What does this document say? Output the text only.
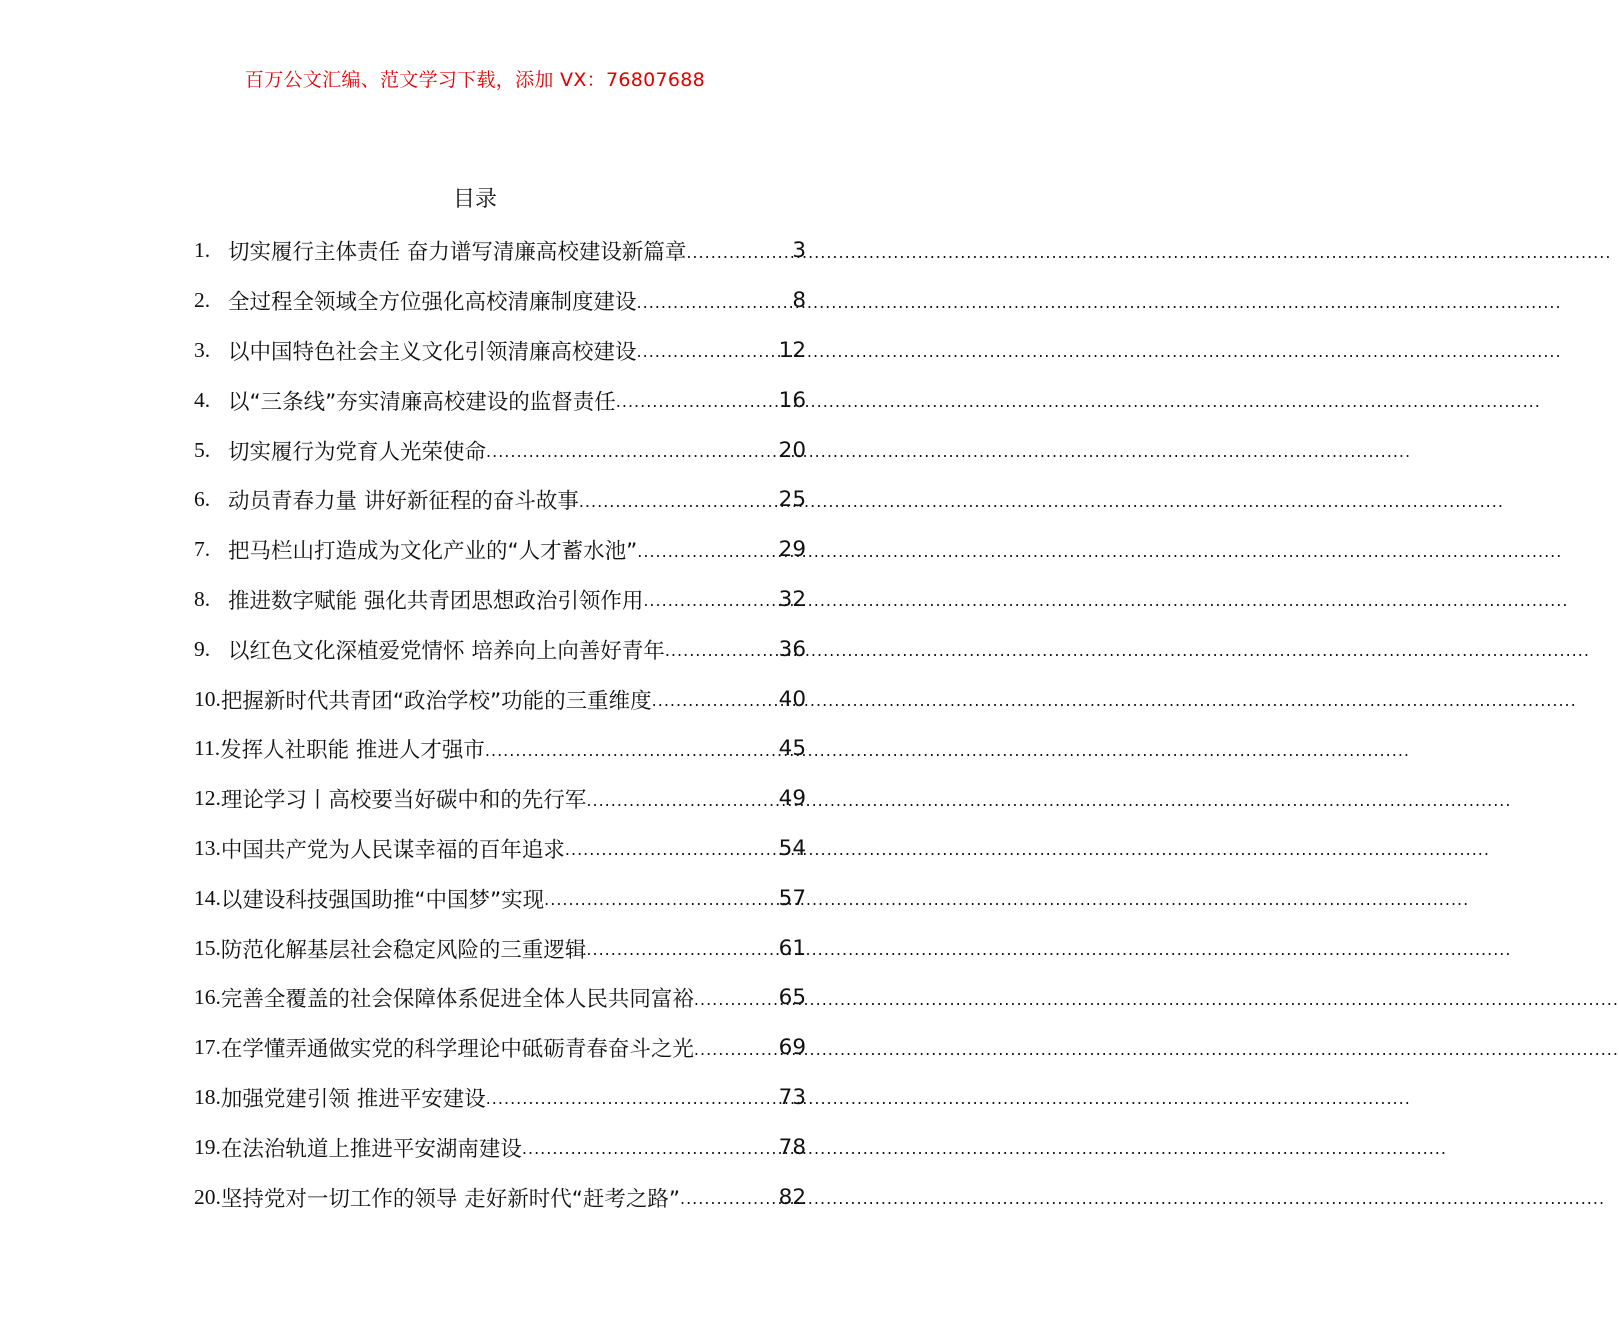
百万公文汇编、范文学习下载，添加 VX：76807688
目录
1. 切实履行主体责任 奋力谱写清廉高校建设新篇章 .....	3
2. 全过程全领域全方位强化高校清廉制度建设 .....	8
3. 以中国特色社会主义文化引领清廉高校建设 .....	12
4. 以“三条线”夯实清廉高校建设的监督责任 .....	16
5. 切实履行为党育人光荣使命 .....	20
6. 动员青春力量 讲好新征程的奋斗故事 .....	25
7. 把马栏山打造成为文化产业的“人才蓄水池” .....	29
8. 推进数字赋能 强化共青团思想政治引领作用 .....	32
9. 以红色文化深植爱党情怀 培养向上向善好青年 .....	36
10. 把握新时代共青团“政治学校”功能的三重维度 .....	40
11. 发挥人社职能 推进人才强市 .....	45
12. 理论学习丨高校要当好碳中和的先行军 .....	49
13. 中国共产党为人民谋幸福的百年追求 .....	54
14. 以建设科技强国助推“中国梦”实现 .....	57
15. 防范化解基层社会稳定风险的三重逻辑 .....	61
16. 完善全覆盖的社会保障体系促进全体人民共同富裕 .....	65
17. 在学懂弄通做实党的科学理论中砥砺青春奋斗之光 .....	69
18. 加强党建引领 推进平安建设 .....	73
19. 在法治轨道上推进平安湖南建设 .....	78
20. 坚持党对一切工作的领导 走好新时代“赶考之路” .....	82
